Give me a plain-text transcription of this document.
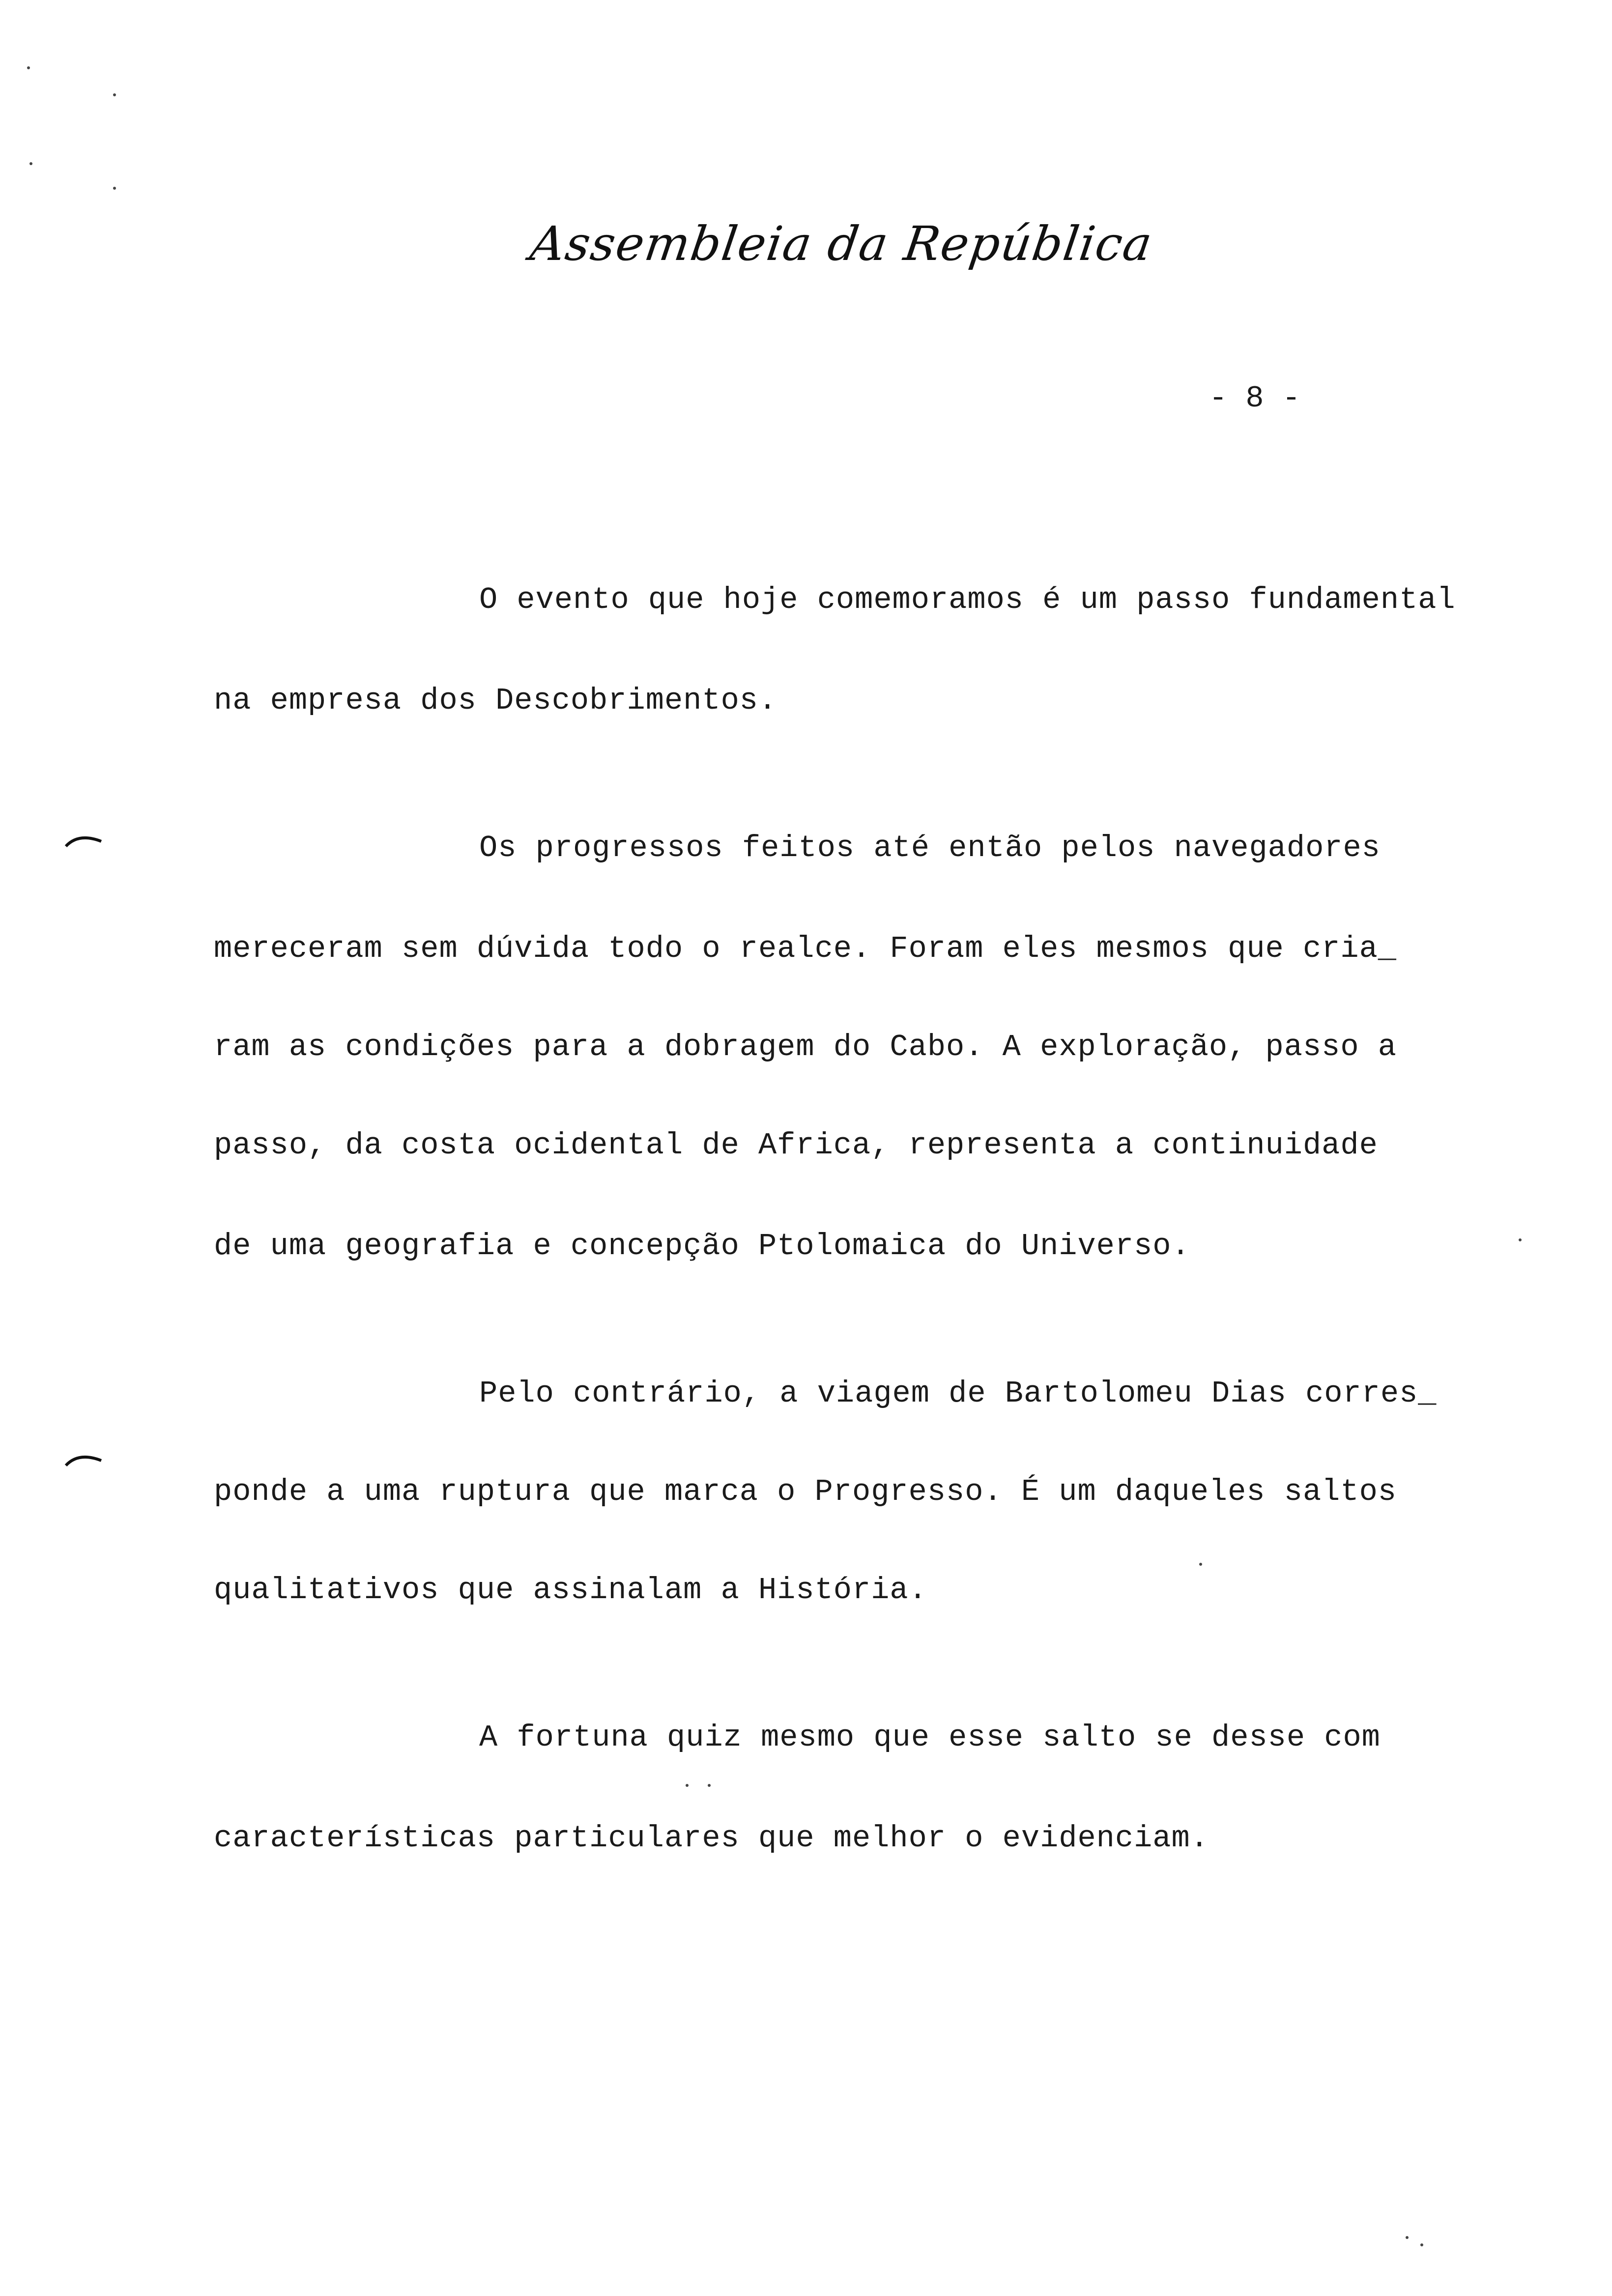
Assembleia da República
- 8 -
O evento que hoje comemoramos é um passo fundamental
na empresa dos Descobrimentos.
Os progressos feitos até então pelos navegadores
mereceram sem dúvida todo o realce. Foram eles mesmos que cria_
ram as condições para a dobragem do Cabo. A exploração, passo a
passo, da costa ocidental de Africa, representa a continuidade
de uma geografia e concepção Ptolomaica do Universo.
Pelo contrário, a viagem de Bartolomeu Dias corres_
ponde a uma ruptura que marca o Progresso. É um daqueles saltos
qualitativos que assinalam a História.
A fortuna quiz mesmo que esse salto se desse com
características particulares que melhor o evidenciam.
